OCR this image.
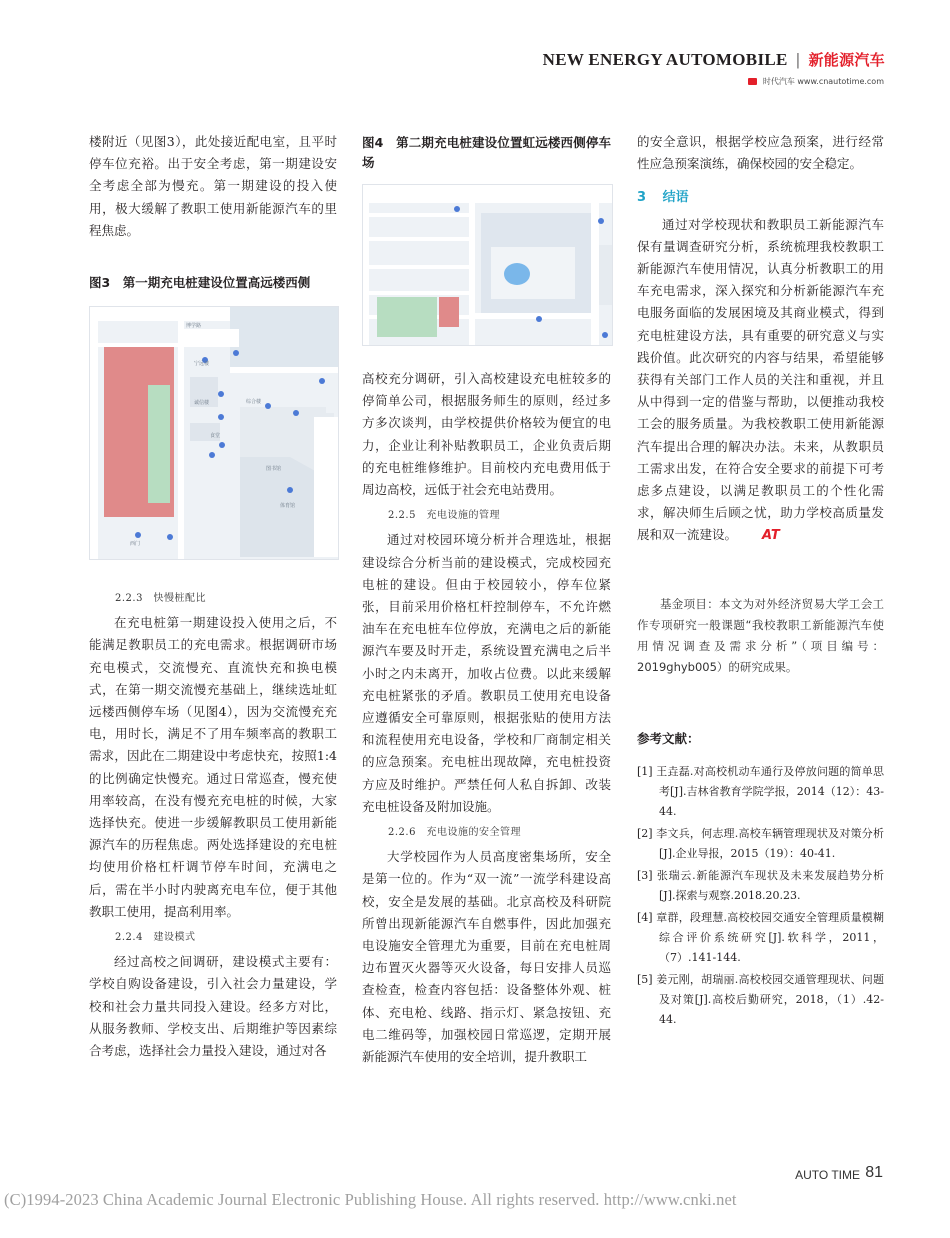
NEW ENERGY AUTOMOBILE | 新能源汽车
时代汽车 www.cnautotime.com

楼附近（见图3），此处接近配电室，且平时停车位充裕。出于安全考虑，第一期建设安全考虑全部为慢充。第一期建设的投入使用，极大缓解了教职工使用新能源汽车的里程焦虑。

图3　第一期充电桩建设位置高远楼西侧
博学路
宁远楼
诚信楼	综合楼
食堂
图书馆
体育馆
西门
2.2.3　快慢桩配比

在充电桩第一期建设投入使用之后，不能满足教职员工的充电需求。根据调研市场充电模式，交流慢充、直流快充和换电模式，在第一期交流慢充基础上，继续选址虹远楼西侧停车场（见图4），因为交流慢充充电，用时长，满足不了用车频率高的教职工需求，因此在二期建设中考虑快充，按照1:4的比例确定快慢充。通过日常巡查，慢充使用率较高，在没有慢充充电桩的时候，大家选择快充。使进一步缓解教职员工使用新能源汽车的历程焦虑。两处选择建设的充电桩均使用价格杠杆调节停车时间，充满电之后，需在半小时内驶离充电车位，便于其他教职工使用，提高利用率。

2.2.4　建设模式

经过高校之间调研，建设模式主要有：学校自购设备建设，引入社会力量建设，学校和社会力量共同投入建设。经多方对比，从服务教师、学校支出、后期维护等因素综合考虑，选择社会力量投入建设，通过对各

图4　第二期充电桩建设位置虹远楼西侧停车场

高校充分调研，引入高校建设充电桩较多的停简单公司，根据服务师生的原则，经过多方多次谈判，由学校提供价格较为便宜的电力，企业让利补贴教职员工，企业负责后期的充电桩维修维护。目前校内充电费用低于周边高校，远低于社会充电站费用。

2.2.5　充电设施的管理

通过对校园环境分析并合理选址，根据建设综合分析当前的建设模式，完成校园充电桩的建设。但由于校园较小，停车位紧张，目前采用价格杠杆控制停车，不允许燃油车在充电桩车位停放，充满电之后的新能源汽车要及时开走，系统设置充满电之后半小时之内未离开，加收占位费。以此来缓解充电桩紧张的矛盾。教职员工使用充电设备应遵循安全可靠原则，根据张贴的使用方法和流程使用充电设备，学校和厂商制定相关的应急预案。充电桩出现故障，充电桩投资方应及时维护。严禁任何人私自拆卸、改装充电桩设备及附加设施。

2.2.6　充电设施的安全管理

大学校园作为人员高度密集场所，安全是第一位的。作为“双一流”一流学科建设高校，安全是发展的基础。北京高校及科研院所曾出现新能源汽车自燃事件，因此加强充电设施安全管理尤为重要，目前在充电桩周边布置灭火器等灭火设备，每日安排人员巡查检查，检查内容包括：设备整体外观、桩体、充电枪、线路、指示灯、紧急按钮、充电二维码等，加强校园日常巡逻，定期开展新能源汽车使用的安全培训，提升教职工

的安全意识，根据学校应急预案，进行经常性应急预案演练，确保校园的安全稳定。

3 结语

通过对学校现状和教职员工新能源汽车保有量调查研究分析，系统梳理我校教职工新能源汽车使用情况，认真分析教职工的用车充电需求，深入探究和分析新能源汽车充电服务面临的发展困境及其商业模式，得到充电桩建设方法，具有重要的研究意义与实践价值。此次研究的内容与结果，希望能够获得有关部门工作人员的关注和重视，并且从中得到一定的借鉴与帮助，以便推动我校工会的服务质量。为我校教职工使用新能源汽车提出合理的解决办法。未来，从教职员工需求出发，在符合安全要求的前提下可考虑多点建设，以满足教职员工的个性化需求，解决师生后顾之忧，助力学校高质量发展和双一流建设。 AT

基金项目：本文为对外经济贸易大学工会工作专项研究一般课题“我校教职工新能源汽车使用情况调查及需求分析”（项目编号：2019ghyb005）的研究成果。

参考文献：
[1] 王垚磊.对高校机动车通行及停放问题的简单思考[J].吉林省教育学院学报，2014（12）：43-44.
[2] 李文兵，何志理.高校车辆管理现状及对策分析[J].企业导报，2015（19）：40-41.
[3] 张瑞云.新能源汽车现状及未来发展趋势分析[J].探索与观察.2018.20.23.
[4] 章群，段理慧.高校校园交通安全管理质量模糊综合评价系统研究[J].软科学，2011，（7）.141-144.
[5] 姜元刚，胡瑞丽.高校校园交通管理现状、问题及对策[J].高校后勤研究，2018，（1）.42-44.
AUTO TIME 81
(C)1994-2023 China Academic Journal Electronic Publishing House. All rights reserved. http://www.cnki.net
